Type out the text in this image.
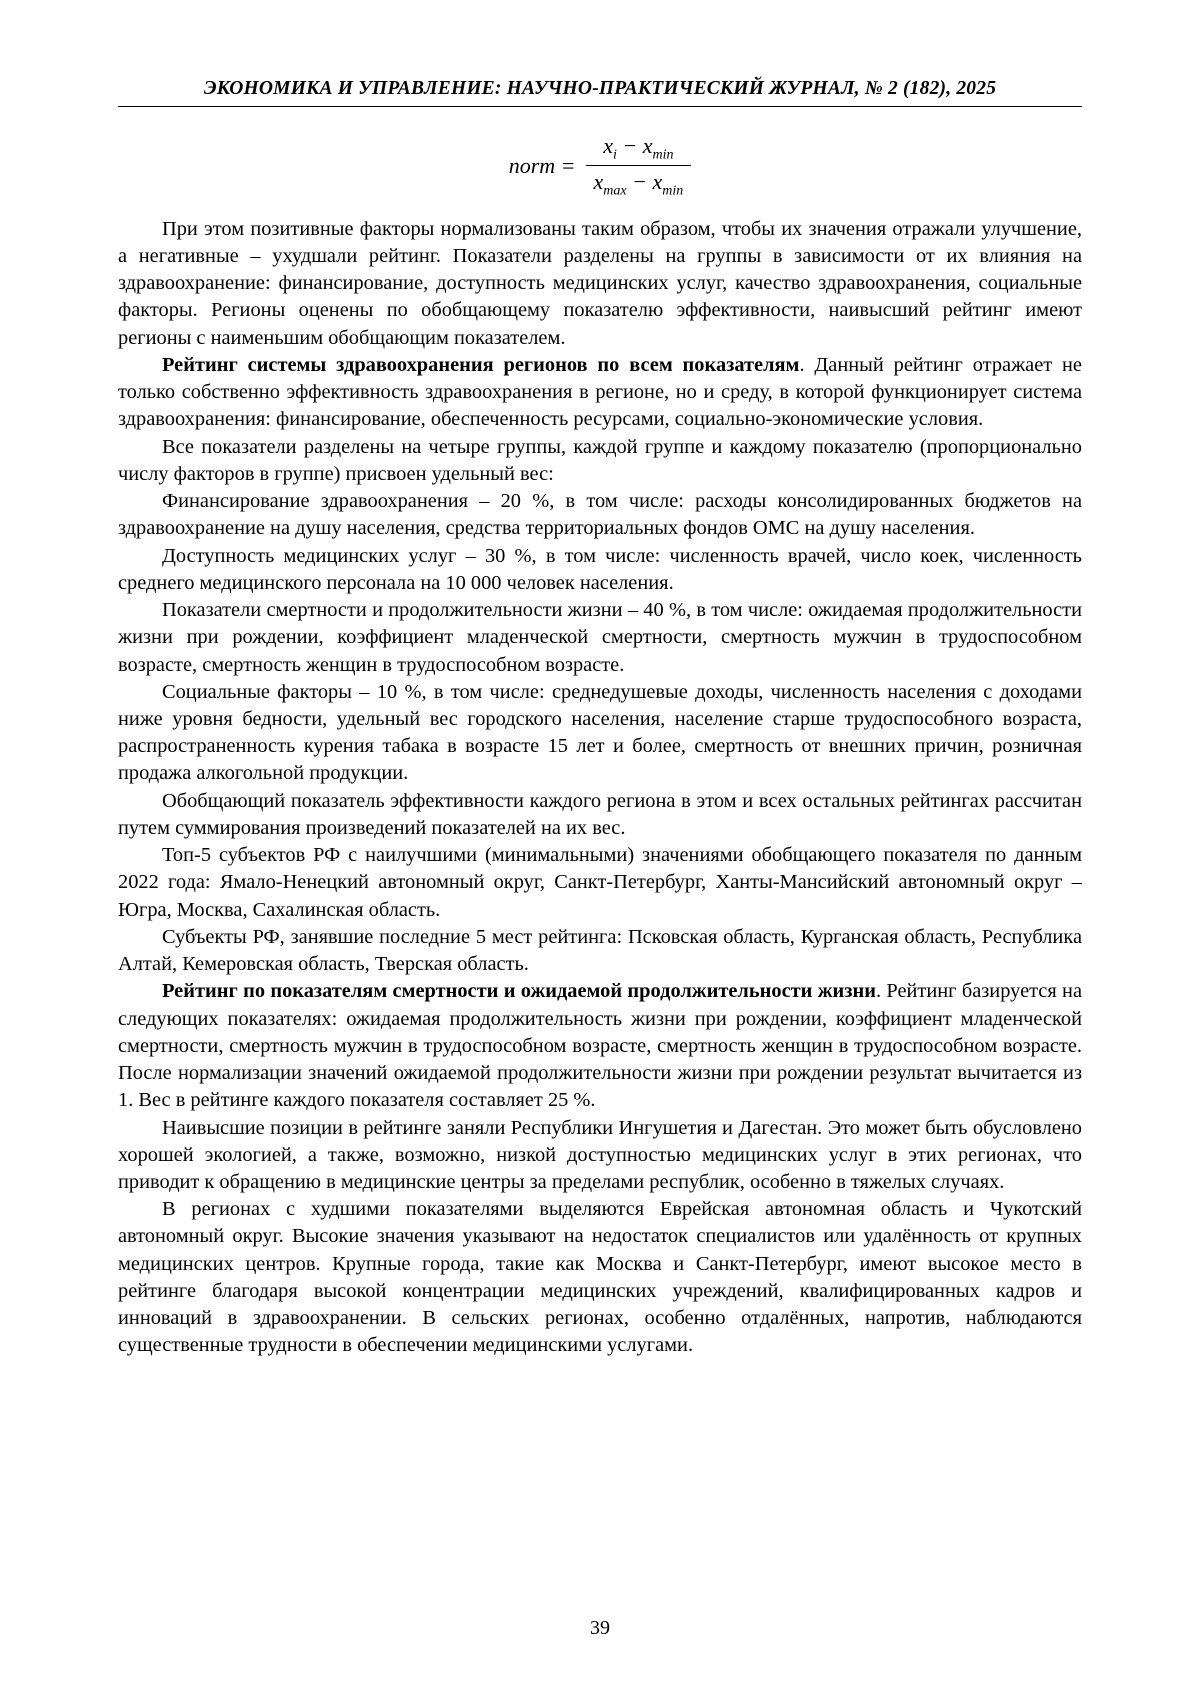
ЭКОНОМИКА И УПРАВЛЕНИЕ: НАУЧНО-ПРАКТИЧЕСКИЙ ЖУРНАЛ, № 2 (182), 2025
norm = $\frac{x_i - x_{min}}{x_{max} - x_{min}}$

При этом позитивные факторы нормализованы таким образом, чтобы их значения отражали улучшение, а негативные – ухудшали рейтинг. Показатели разделены на группы в зависимости от их влияния на здравоохранение: финансирование, доступность медицинских услуг, качество здравоохранения, социальные факторы. Регионы оценены по обобщающему показателю эффективности, наивысший рейтинг имеют регионы с наименьшим обобщающим показателем.

Рейтинг системы здравоохранения регионов по всем показателям. Данный рейтинг отражает не только собственно эффективность здравоохранения в регионе, но и среду, в которой функционирует система здравоохранения: финансирование, обеспеченность ресурсами, социально-экономические условия.

Все показатели разделены на четыре группы, каждой группе и каждому показателю (пропорционально числу факторов в группе) присвоен удельный вес:

Финансирование здравоохранения – 20 %, в том числе: расходы консолидированных бюджетов на здравоохранение на душу населения, средства территориальных фондов ОМС на душу населения.

Доступность медицинских услуг – 30 %, в том числе: численность врачей, число коек, численность среднего медицинского персонала на 10 000 человек населения.

Показатели смертности и продолжительности жизни – 40 %, в том числе: ожидаемая продолжительности жизни при рождении, коэффициент младенческой смертности, смертность мужчин в трудоспособном возрасте, смертность женщин в трудоспособном возрасте.

Социальные факторы – 10 %, в том числе: среднедушевые доходы, численность населения с доходами ниже уровня бедности, удельный вес городского населения, население старше трудоспособного возраста, распространенность курения табака в возрасте 15 лет и более, смертность от внешних причин, розничная продажа алкогольной продукции.

Обобщающий показатель эффективности каждого региона в этом и всех остальных рейтингах рассчитан путем суммирования произведений показателей на их вес.

Топ-5 субъектов РФ с наилучшими (минимальными) значениями обобщающего показателя по данным 2022 года: Ямало-Ненецкий автономный округ, Санкт-Петербург, Ханты-Мансийский автономный округ – Югра, Москва, Сахалинская область.

Субъекты РФ, занявшие последние 5 мест рейтинга: Псковская область, Курганская область, Республика Алтай, Кемеровская область, Тверская область.

Рейтинг по показателям смертности и ожидаемой продолжительности жизни. Рейтинг базируется на следующих показателях: ожидаемая продолжительность жизни при рождении, коэффициент младенческой смертности, смертность мужчин в трудоспособном возрасте, смертность женщин в трудоспособном возрасте. После нормализации значений ожидаемой продолжительности жизни при рождении результат вычитается из 1. Вес в рейтинге каждого показателя составляет 25 %.

Наивысшие позиции в рейтинге заняли Республики Ингушетия и Дагестан. Это может быть обусловлено хорошей экологией, а также, возможно, низкой доступностью медицинских услуг в этих регионах, что приводит к обращению в медицинские центры за пределами республик, особенно в тяжелых случаях.

В регионах с худшими показателями выделяются Еврейская автономная область и Чукотский автономный округ. Высокие значения указывают на недостаток специалистов или удалённость от крупных медицинских центров. Крупные города, такие как Москва и Санкт-Петербург, имеют высокое место в рейтинге благодаря высокой концентрации медицинских учреждений, квалифицированных кадров и инноваций в здравоохранении. В сельских регионах, особенно отдалённых, напротив, наблюдаются существенные трудности в обеспечении медицинскими услугами.

39
